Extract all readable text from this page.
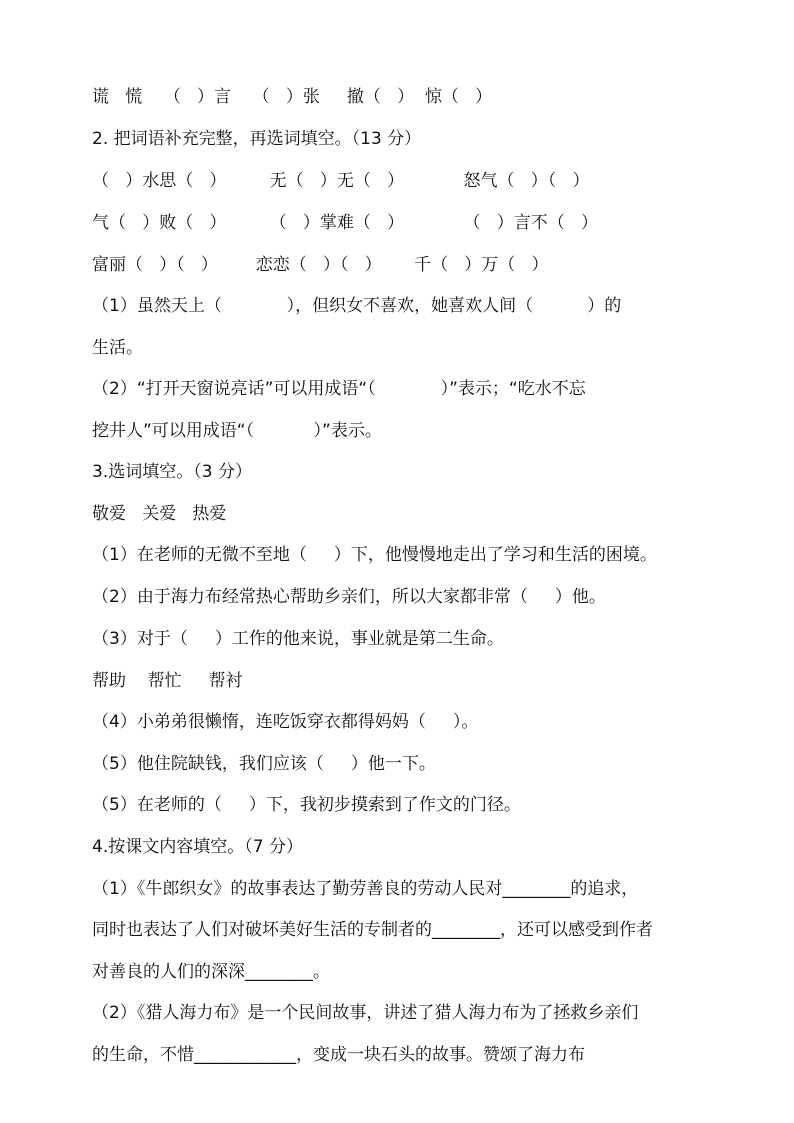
谎   慌    （   ）言    （   ）张     撤（   ）  惊（   ）
2. 把词语补充完整，再选词填空。（13 分）
（   ）水思（   ）        无（   ）无（   ）           怒气（   ）（   ）
气（   ）败（   ）        （   ）掌难（   ）           （   ）言不（   ）
富丽（   ）（   ）       恋恋（   ）（   ）      千（   ）万（   ）
（1）虽然天上（            ），但织女不喜欢，她喜欢人间（          ）的
生活。
（2）“打开天窗说亮话”可以用成语“（            ）”表示；“吃水不忘
挖井人”可以用成语“（           ）”表示。
3.选词填空。（3 分）
敬爱   关爱   热爱
（1）在老师的无微不至地（     ）下，他慢慢地走出了学习和生活的困境。
（2）由于海力布经常热心帮助乡亲们，所以大家都非常（     ）他。
（3）对于（     ）工作的他来说，事业就是第二生命。
帮助    帮忙     帮衬
（4）小弟弟很懒惰，连吃饭穿衣都得妈妈（     ）。
（5）他住院缺钱，我们应该（     ）他一下。
（5）在老师的（     ）下，我初步摸索到了作文的门径。
4.按课文内容填空。（7 分）
（1）《牛郎织女》的故事表达了勤劳善良的劳动人民对________的追求，
同时也表达了人们对破坏美好生活的专制者的________，还可以感受到作者
对善良的人们的深深________。
（2）《猎人海力布》是一个民间故事，讲述了猎人海力布为了拯救乡亲们
的生命，不惜____________，变成一块石头的故事。赞颂了海力布
